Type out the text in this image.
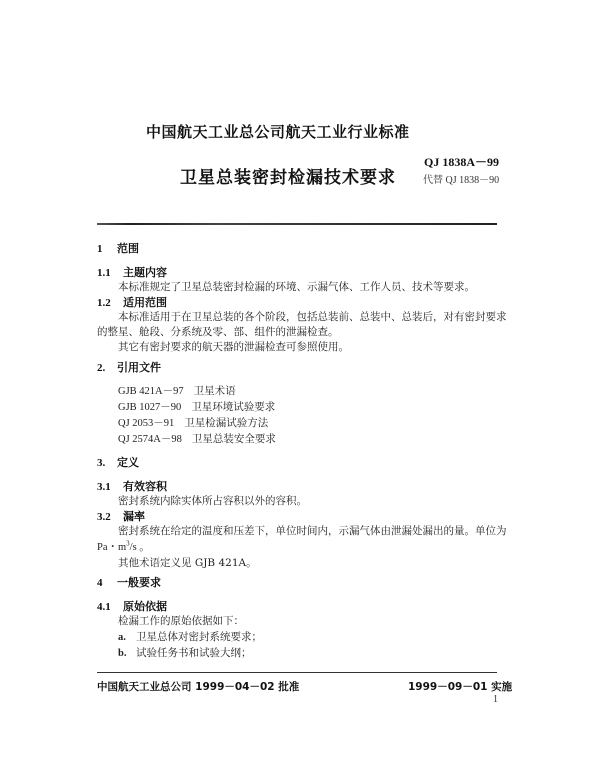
中国航天工业总公司航天工业行业标准
QJ 1838A－99
卫星总装密封检漏技术要求	代替 QJ 1838－90
1 范围
1.1 主题内容
本标准规定了卫星总装密封检漏的环境、示漏气体、工作人员、技术等要求。
1.2 适用范围
本标准适用于在卫星总装的各个阶段，包括总装前、总装中、总装后，对有密封要求
的整星、舱段、分系统及零、部、组件的泄漏检查。
其它有密封要求的航天器的泄漏检查可参照使用。
2. 引用文件
GJB 421A－97 卫星术语
GJB 1027－90 卫星环境试验要求
QJ 2053－91 卫星检漏试验方法
QJ 2574A－98 卫星总装安全要求
3. 定义
3.1 有效容积
密封系统内除实体所占容积以外的容积。
3.2 漏率
密封系统在给定的温度和压差下，单位时间内，示漏气体由泄漏处漏出的量。单位为
Pa・$m^3/s$ 。
其他术语定义见 GJB 421A。
4 一般要求
4.1 原始依据
检漏工作的原始依据如下：
a. 卫星总体对密封系统要求；
b. 试验任务书和试验大纲；
中国航天工业总公司 1999－04－02 批准	1999－09－01 实施
1
